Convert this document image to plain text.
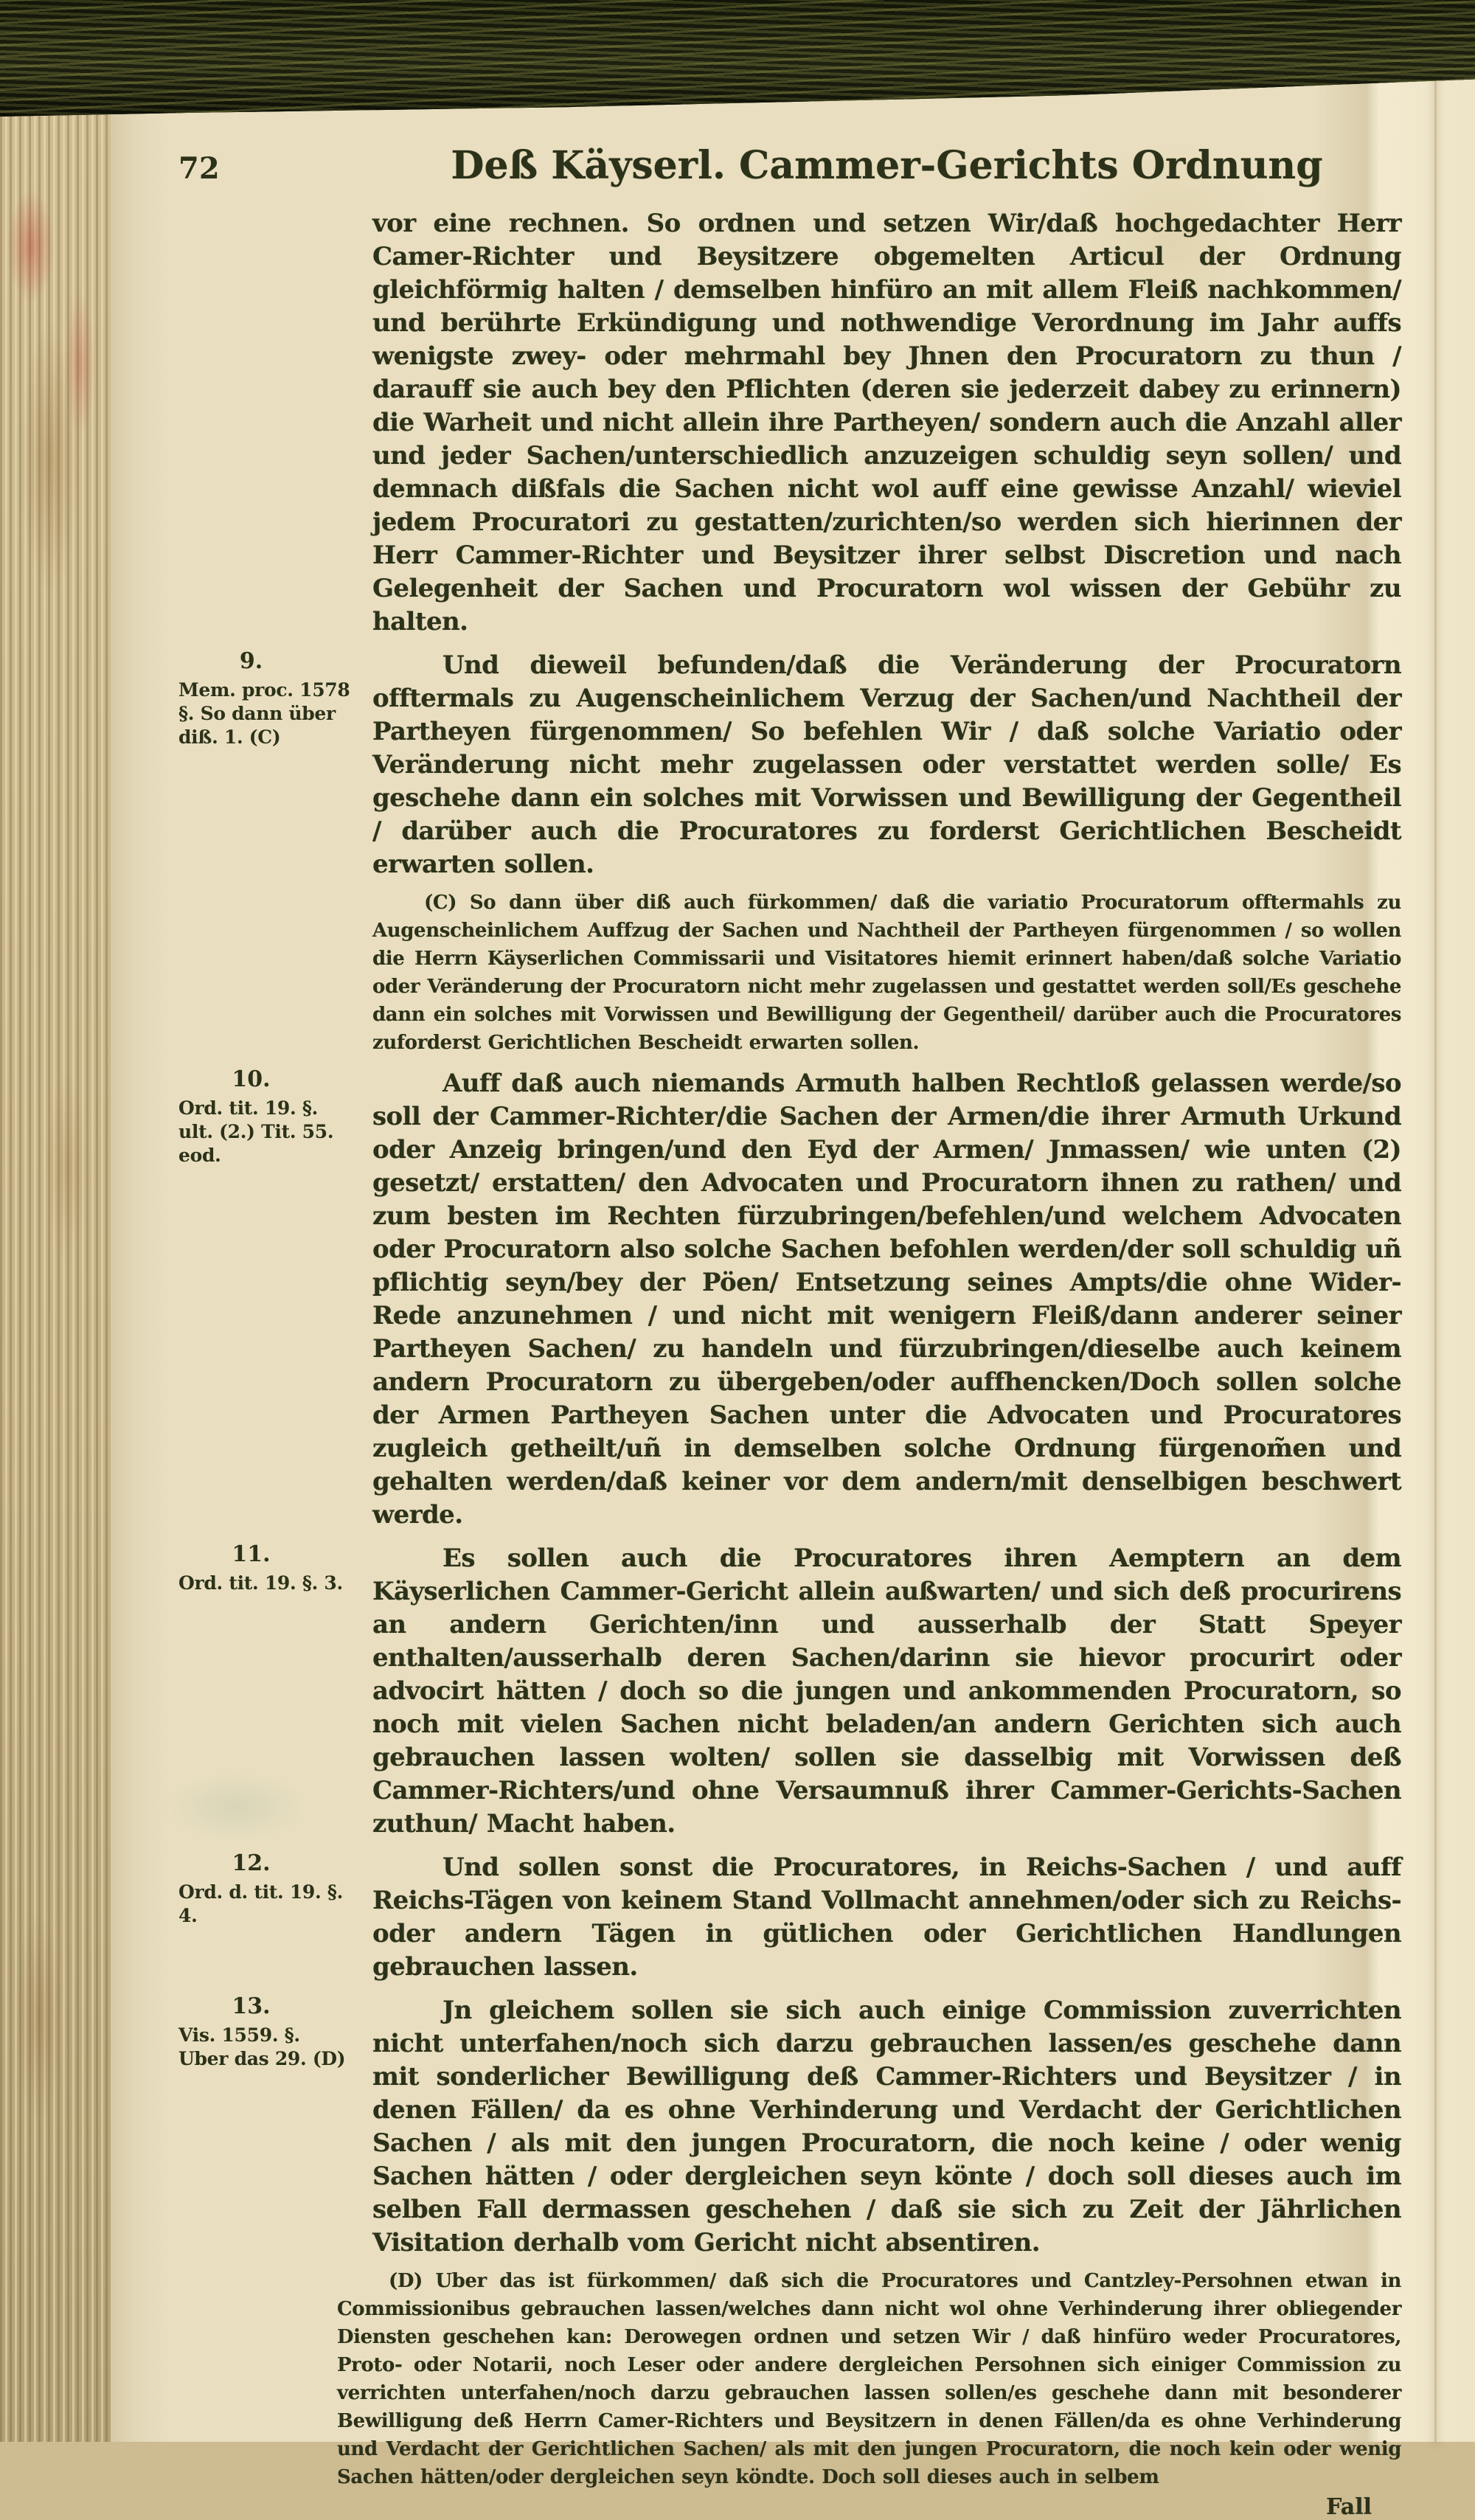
72	Deß Käyserl. Cammer-Gerichts Ordnung

vor eine rechnen. So ordnen und setzen Wir/daß hochgedachter Herr Camer-Richter und Beysitzere obgemelten Articul der Ordnung gleichförmig halten / demselben hinfüro an mit allem Fleiß nachkommen/ und berührte Erkündigung und nothwendige Verordnung im Jahr auffs wenigste zwey- oder mehrmahl bey Jhnen den Procuratorn zu thun / darauff sie auch bey den Pflichten (deren sie jederzeit dabey zu erinnern) die Warheit und nicht allein ihre Partheyen/ sondern auch die Anzahl aller und jeder Sachen/unterschiedlich anzuzeigen schuldig seyn sollen/ und demnach dißfals die Sachen nicht wol auff eine gewisse Anzahl/ wieviel jedem Procuratori zu gestatten/zurichten/so werden sich hierinnen der Herr Cammer-Richter und Beysitzer ihrer selbst Discretion und nach Gelegenheit der Sachen und Procuratorn wol wissen der Gebühr zu halten.

9.
Mem. proc. 1578 §. So dann über diß. 1. (C)

Und dieweil befunden/daß die Veränderung der Procuratorn offtermals zu Augenscheinlichem Verzug der Sachen/und Nachtheil der Partheyen fürgenommen/ So befehlen Wir / daß solche Variatio oder Veränderung nicht mehr zugelassen oder verstattet werden solle/ Es geschehe dann ein solches mit Vorwissen und Bewilligung der Gegentheil / darüber auch die Procuratores zu forderst Gerichtlichen Bescheidt erwarten sollen.

(C) So dann über diß auch fürkommen/ daß die variatio Procuratorum offtermahls zu Augenscheinlichem Auffzug der Sachen und Nachtheil der Partheyen fürgenommen / so wollen die Herrn Käyserlichen Commissarii und Visitatores hiemit erinnert haben/daß solche Variatio oder Veränderung der Procuratorn nicht mehr zugelassen und gestattet werden soll/Es geschehe dann ein solches mit Vorwissen und Bewilligung der Gegentheil/ darüber auch die Procuratores zuforderst Gerichtlichen Bescheidt erwarten sollen.

10.
Ord. tit. 19. §. ult. (2.) Tit. 55. eod.

Auff daß auch niemands Armuth halben Rechtloß gelassen werde/so soll der Cammer-Richter/die Sachen der Armen/die ihrer Armuth Urkund oder Anzeig bringen/und den Eyd der Armen/ Jnmassen/ wie unten (2) gesetzt/ erstatten/ den Advocaten und Procuratorn ihnen zu rathen/ und zum besten im Rechten fürzubringen/befehlen/und welchem Advocaten oder Procuratorn also solche Sachen befohlen werden/der soll schuldig uñ pflichtig seyn/bey der Pöen/ Entsetzung seines Ampts/die ohne Wider-Rede anzunehmen / und nicht mit wenigern Fleiß/dann anderer seiner Partheyen Sachen/ zu handeln und fürzubringen/dieselbe auch keinem andern Procuratorn zu übergeben/oder auffhencken/Doch sollen solche der Armen Partheyen Sachen unter die Advocaten und Procuratores zugleich getheilt/uñ in demselben solche Ordnung fürgenom̃en und gehalten werden/daß keiner vor dem andern/mit denselbigen beschwert werde.

11.
Ord. tit. 19. §. 3.

Es sollen auch die Procuratores ihren Aemptern an dem Käyserlichen Cammer-Gericht allein außwarten/ und sich deß procurirens an andern Gerichten/inn und ausserhalb der Statt Speyer enthalten/ausserhalb deren Sachen/darinn sie hievor procurirt oder advocirt hätten / doch so die jungen und ankommenden Procuratorn, so noch mit vielen Sachen nicht beladen/an andern Gerichten sich auch gebrauchen lassen wolten/ sollen sie dasselbig mit Vorwissen deß Cammer-Richters/und ohne Versaumnuß ihrer Cammer-Gerichts-Sachen zuthun/ Macht haben.

12.
Ord. d. tit. 19. §. 4.

Und sollen sonst die Procuratores, in Reichs-Sachen / und auff Reichs-Tägen von keinem Stand Vollmacht annehmen/oder sich zu Reichs- oder andern Tägen in gütlichen oder Gerichtlichen Handlungen gebrauchen lassen.

13.
Vis. 1559. §. Uber das 29. (D)

Jn gleichem sollen sie sich auch einige Commission zuverrichten nicht unterfahen/noch sich darzu gebrauchen lassen/es geschehe dann mit sonderlicher Bewilligung deß Cammer-Richters und Beysitzer / in denen Fällen/ da es ohne Verhinderung und Verdacht der Gerichtlichen Sachen / als mit den jungen Procuratorn, die noch keine / oder wenig Sachen hätten / oder dergleichen seyn könte / doch soll dieses auch im selben Fall dermassen geschehen / daß sie sich zu Zeit der Jährlichen Visitation derhalb vom Gericht nicht absentiren.

(D) Uber das ist fürkommen/ daß sich die Procuratores und Cantzley-Persohnen etwan in Commissionibus gebrauchen lassen/welches dann nicht wol ohne Verhinderung ihrer obliegender Diensten geschehen kan: Derowegen ordnen und setzen Wir / daß hinfüro weder Procuratores, Proto- oder Notarii, noch Leser oder andere dergleichen Persohnen sich einiger Commission zu verrichten unterfahen/noch darzu gebrauchen lassen sollen/es geschehe dann mit besonderer Bewilligung deß Herrn Camer-Richters und Beysitzern in denen Fällen/da es ohne Verhinderung und Verdacht der Gerichtlichen Sachen/ als mit den jungen Procuratorn, die noch kein oder wenig Sachen hätten/oder dergleichen seyn köndte. Doch soll dieses auch in selbem

Fall
